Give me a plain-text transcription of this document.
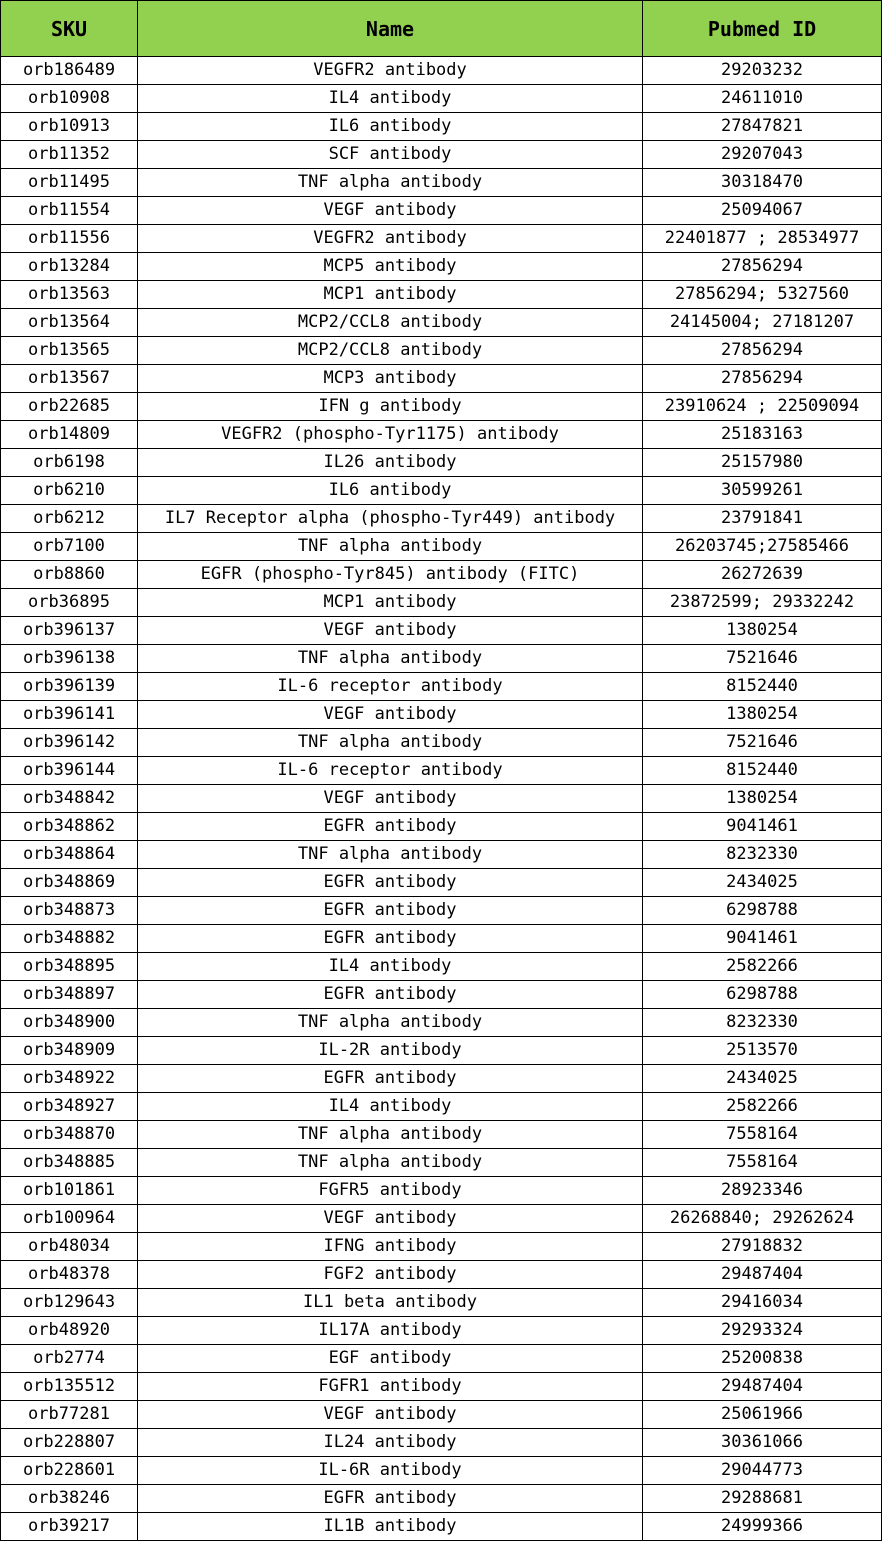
SKU	Name	Pubmed ID
orb186489	VEGFR2 antibody	29203232
orb10908	IL4 antibody	24611010
orb10913	IL6 antibody	27847821
orb11352	SCF antibody	29207043
orb11495	TNF alpha antibody	30318470
orb11554	VEGF antibody	25094067
orb11556	VEGFR2 antibody	22401877 ; 28534977
orb13284	MCP5 antibody	27856294
orb13563	MCP1 antibody	27856294; 5327560
orb13564	MCP2/CCL8 antibody	24145004; 27181207
orb13565	MCP2/CCL8 antibody	27856294
orb13567	MCP3 antibody	27856294
orb22685	IFN g antibody	23910624 ; 22509094
orb14809	VEGFR2 (phospho-Tyr1175) antibody	25183163
orb6198	IL26 antibody	25157980
orb6210	IL6 antibody	30599261
orb6212	IL7 Receptor alpha (phospho-Tyr449) antibody	23791841
orb7100	TNF alpha antibody	26203745;27585466
orb8860	EGFR (phospho-Tyr845) antibody (FITC)	26272639
orb36895	MCP1 antibody	23872599; 29332242
orb396137	VEGF antibody	1380254
orb396138	TNF alpha antibody	7521646
orb396139	IL-6 receptor antibody	8152440
orb396141	VEGF antibody	1380254
orb396142	TNF alpha antibody	7521646
orb396144	IL-6 receptor antibody	8152440
orb348842	VEGF antibody	1380254
orb348862	EGFR antibody	9041461
orb348864	TNF alpha antibody	8232330
orb348869	EGFR antibody	2434025
orb348873	EGFR antibody	6298788
orb348882	EGFR antibody	9041461
orb348895	IL4 antibody	2582266
orb348897	EGFR antibody	6298788
orb348900	TNF alpha antibody	8232330
orb348909	IL-2R antibody	2513570
orb348922	EGFR antibody	2434025
orb348927	IL4 antibody	2582266
orb348870	TNF alpha antibody	7558164
orb348885	TNF alpha antibody	7558164
orb101861	FGFR5 antibody	28923346
orb100964	VEGF antibody	26268840; 29262624
orb48034	IFNG antibody	27918832
orb48378	FGF2 antibody	29487404
orb129643	IL1 beta antibody	29416034
orb48920	IL17A antibody	29293324
orb2774	EGF antibody	25200838
orb135512	FGFR1 antibody	29487404
orb77281	VEGF antibody	25061966
orb228807	IL24 antibody	30361066
orb228601	IL-6R antibody	29044773
orb38246	EGFR antibody	29288681
orb39217	IL1B antibody	24999366
